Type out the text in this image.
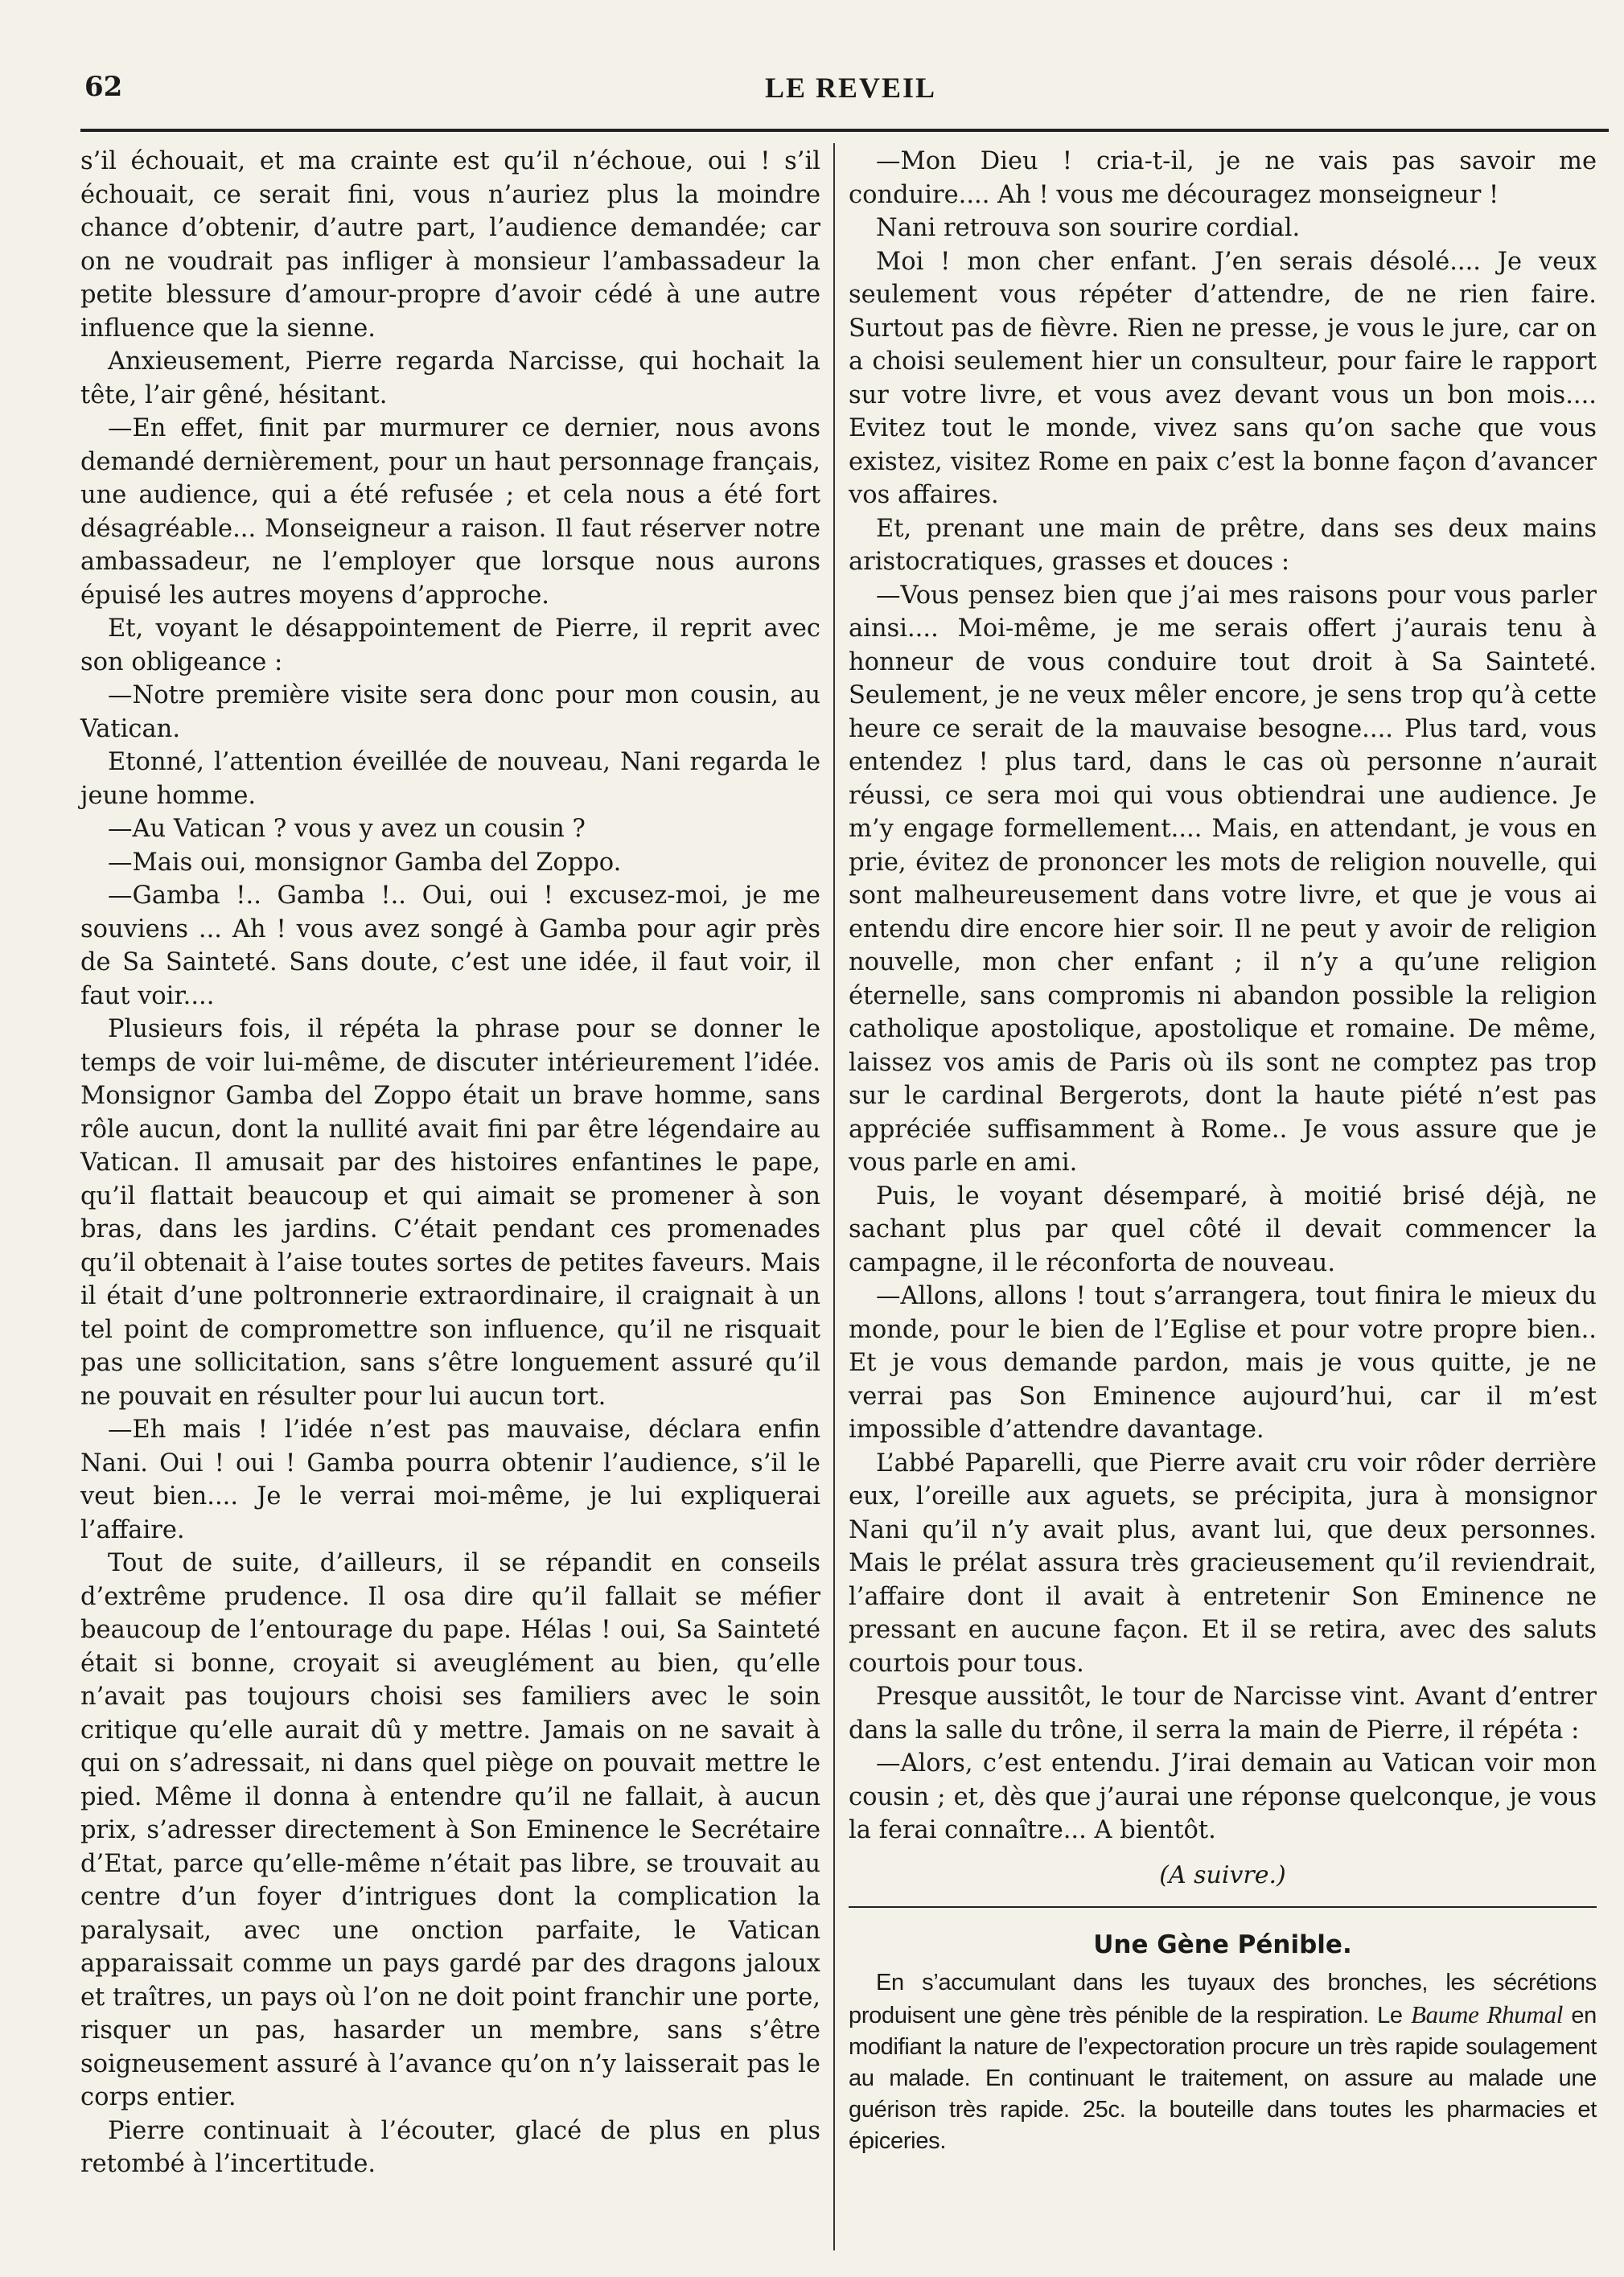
62	LE REVEIL

s’il échouait, et ma crainte est qu’il n’échoue, oui ! s’il échouait, ce serait fini, vous n’auriez plus la moindre chance d’obtenir, d’autre part, l’audience demandée; car on ne voudrait pas infliger à monsieur l’ambassadeur la petite blessure d’amour-propre d’avoir cédé à une autre influence que la sienne.

Anxieusement, Pierre regarda Narcisse, qui hochait la tête, l’air gêné, hésitant.

—En effet, finit par murmurer ce dernier, nous avons demandé dernièrement, pour un haut personnage français, une audience, qui a été refusée ; et cela nous a été fort désagréable... Monseigneur a raison. Il faut réserver notre ambassadeur, ne l’employer que lorsque nous aurons épuisé les autres moyens d’approche.

Et, voyant le désappointement de Pierre, il reprit avec son obligeance :

—Notre première visite sera donc pour mon cousin, au Vatican.

Etonné, l’attention éveillée de nouveau, Nani regarda le jeune homme.

—Au Vatican ? vous y avez un cousin ?

—Mais oui, monsignor Gamba del Zoppo.

—Gamba !.. Gamba !.. Oui, oui ! excusez-moi, je me souviens ... Ah ! vous avez songé à Gamba pour agir près de Sa Sainteté. Sans doute, c’est une idée, il faut voir, il faut voir....

Plusieurs fois, il répéta la phrase pour se donner le temps de voir lui-même, de discuter intérieurement l’idée. Monsignor Gamba del Zoppo était un brave homme, sans rôle aucun, dont la nullité avait fini par être légendaire au Vatican. Il amusait par des histoires enfantines le pape, qu’il flattait beaucoup et qui aimait se promener à son bras, dans les jardins. C’était pendant ces promenades qu’il obtenait à l’aise toutes sortes de petites faveurs. Mais il était d’une poltronnerie extraordinaire, il craignait à un tel point de compromettre son influence, qu’il ne risquait pas une sollicitation, sans s’être longuement assuré qu’il ne pouvait en résulter pour lui aucun tort.

—Eh mais ! l’idée n’est pas mauvaise, déclara enfin Nani. Oui ! oui ! Gamba pourra obtenir l’audience, s’il le veut bien.... Je le verrai moi-même, je lui expliquerai l’affaire.

Tout de suite, d’ailleurs, il se répandit en conseils d’extrême prudence. Il osa dire qu’il fallait se méfier beaucoup de l’entourage du pape. Hélas ! oui, Sa Sainteté était si bonne, croyait si aveuglément au bien, qu’elle n’avait pas toujours choisi ses familiers avec le soin critique qu’elle aurait dû y mettre. Jamais on ne savait à qui on s’adressait, ni dans quel piège on pouvait mettre le pied. Même il donna à entendre qu’il ne fallait, à aucun prix, s’adresser directement à Son Eminence le Secrétaire d’Etat, parce qu’elle-même n’était pas libre, se trouvait au centre d’un foyer d’intrigues dont la complication la paralysait, avec une onction parfaite, le Vatican apparaissait comme un pays gardé par des dragons jaloux et traîtres, un pays où l’on ne doit point franchir une porte, risquer un pas, hasarder un membre, sans s’être soigneusement assuré à l’avance qu’on n’y laisserait pas le corps entier.

Pierre continuait à l’écouter, glacé de plus en plus retombé à l’incertitude.

—Mon Dieu ! cria-t-il, je ne vais pas savoir me conduire.... Ah ! vous me découragez monseigneur !

Nani retrouva son sourire cordial.

Moi ! mon cher enfant. J’en serais désolé.... Je veux seulement vous répéter d’attendre, de ne rien faire. Surtout pas de fièvre. Rien ne presse, je vous le jure, car on a choisi seulement hier un consulteur, pour faire le rapport sur votre livre, et vous avez devant vous un bon mois.... Evitez tout le monde, vivez sans qu’on sache que vous existez, visitez Rome en paix c’est la bonne façon d’avancer vos affaires.

Et, prenant une main de prêtre, dans ses deux mains aristocratiques, grasses et douces :

—Vous pensez bien que j’ai mes raisons pour vous parler ainsi.... Moi-même, je me serais offert j’aurais tenu à honneur de vous conduire tout droit à Sa Sainteté. Seulement, je ne veux mêler encore, je sens trop qu’à cette heure ce serait de la mauvaise besogne.... Plus tard, vous entendez ! plus tard, dans le cas où personne n’aurait réussi, ce sera moi qui vous obtiendrai une audience. Je m’y engage formellement.... Mais, en attendant, je vous en prie, évitez de prononcer les mots de religion nouvelle, qui sont malheureusement dans votre livre, et que je vous ai entendu dire encore hier soir. Il ne peut y avoir de religion nouvelle, mon cher enfant ; il n’y a qu’une religion éternelle, sans compromis ni abandon possible la religion catholique apostolique, apostolique et romaine. De même, laissez vos amis de Paris où ils sont ne comptez pas trop sur le cardinal Bergerots, dont la haute piété n’est pas appréciée suffisamment à Rome.. Je vous assure que je vous parle en ami.

Puis, le voyant désemparé, à moitié brisé déjà, ne sachant plus par quel côté il devait commencer la campagne, il le réconforta de nouveau.

—Allons, allons ! tout s’arrangera, tout finira le mieux du monde, pour le bien de l’Eglise et pour votre propre bien.. Et je vous demande pardon, mais je vous quitte, je ne verrai pas Son Eminence aujourd’hui, car il m’est impossible d’attendre davantage.

L’abbé Paparelli, que Pierre avait cru voir rôder derrière eux, l’oreille aux aguets, se précipita, jura à monsignor Nani qu’il n’y avait plus, avant lui, que deux personnes. Mais le prélat assura très gracieusement qu’il reviendrait, l’affaire dont il avait à entretenir Son Eminence ne pressant en aucune façon. Et il se retira, avec des saluts courtois pour tous.

Presque aussitôt, le tour de Narcisse vint. Avant d’entrer dans la salle du trône, il serra la main de Pierre, il répéta :

—Alors, c’est entendu. J’irai demain au Vatican voir mon cousin ; et, dès que j’aurai une réponse quelconque, je vous la ferai connaître... A bientôt.

(A suivre.)
Une Gène Pénible.

En s’accumulant dans les tuyaux des bronches, les sécrétions produisent une gène très pénible de la respiration. Le Baume Rhumal en modifiant la nature de l’expectoration procure un très rapide soulagement au malade. En continuant le traitement, on assure au malade une guérison très rapide. 25c. la bouteille dans toutes les pharmacies et épiceries.
